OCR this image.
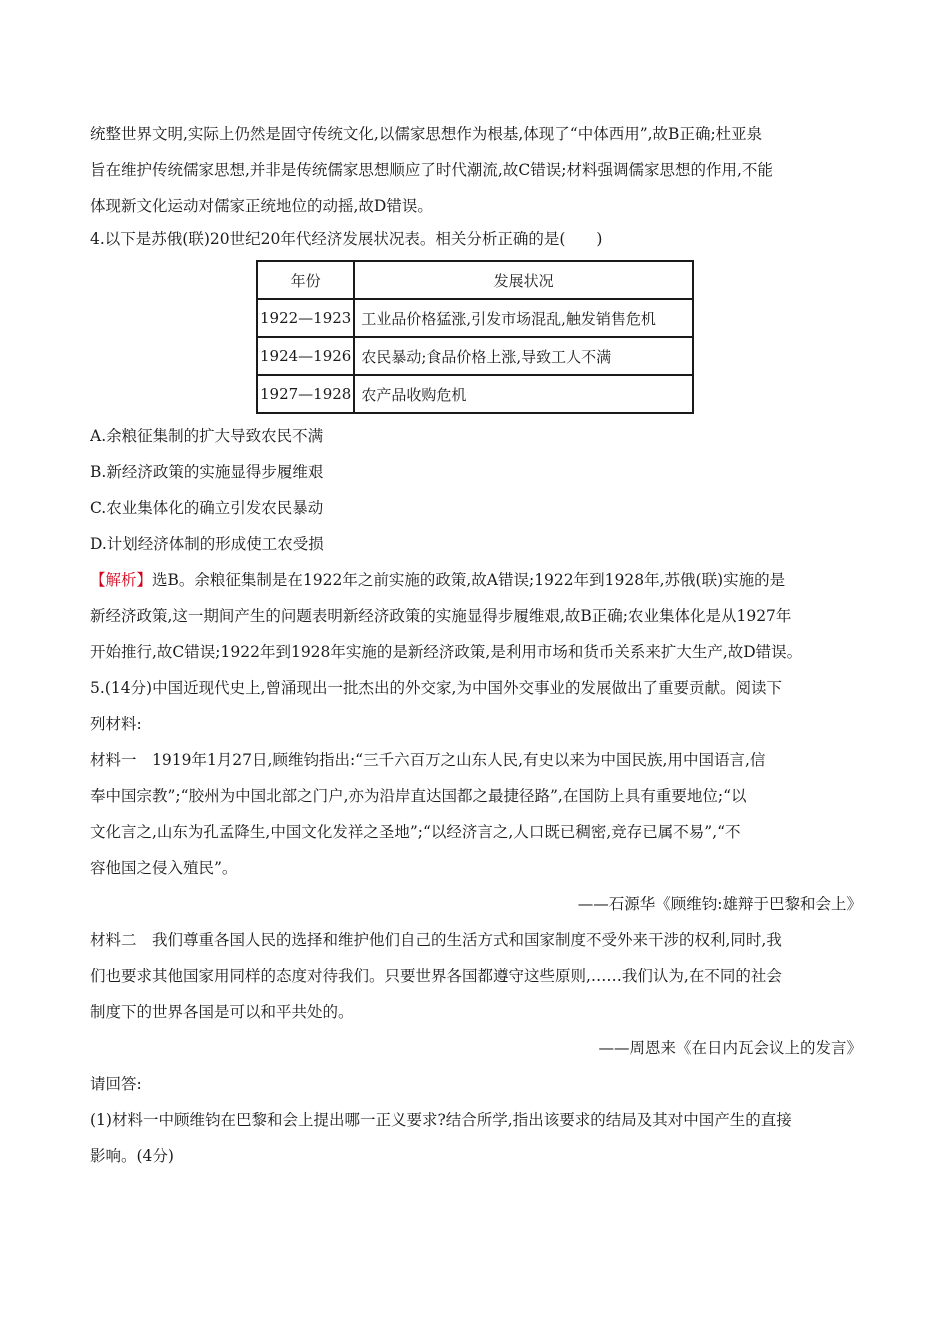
统整世界文明,实际上仍然是固守传统文化,以儒家思想作为根基,体现了“中体西用”,故B正确;杜亚泉
旨在维护传统儒家思想,并非是传统儒家思想顺应了时代潮流,故C错误;材料强调儒家思想的作用,不能
体现新文化运动对儒家正统地位的动摇,故D错误。
4.以下是苏俄(联)20世纪20年代经济发展状况表。相关分析正确的是(　　)
年份	发展状况
1922—1923	工业品价格猛涨,引发市场混乱,触发销售危机
1924—1926	农民暴动;食品价格上涨,导致工人不满
1927—1928	农产品收购危机
A.余粮征集制的扩大导致农民不满
B.新经济政策的实施显得步履维艰
C.农业集体化的确立引发农民暴动
D.计划经济体制的形成使工农受损
【解析】选B。余粮征集制是在1922年之前实施的政策,故A错误;1922年到1928年,苏俄(联)实施的是
新经济政策,这一期间产生的问题表明新经济政策的实施显得步履维艰,故B正确;农业集体化是从1927年
开始推行,故C错误;1922年到1928年实施的是新经济政策,是利用市场和货币关系来扩大生产,故D错误。
5.(14分)中国近现代史上,曾涌现出一批杰出的外交家,为中国外交事业的发展做出了重要贡献。阅读下
列材料:
材料一　1919年1月27日,顾维钧指出:“三千六百万之山东人民,有史以来为中国民族,用中国语言,信
奉中国宗教”;“胶州为中国北部之门户,亦为沿岸直达国都之最捷径路”,在国防上具有重要地位;“以
文化言之,山东为孔孟降生,中国文化发祥之圣地”;“以经济言之,人口既已稠密,竞存已属不易”,“不
容他国之侵入殖民”。
——石源华《顾维钧:雄辩于巴黎和会上》
材料二　我们尊重各国人民的选择和维护他们自己的生活方式和国家制度不受外来干涉的权利,同时,我
们也要求其他国家用同样的态度对待我们。只要世界各国都遵守这些原则,……我们认为,在不同的社会
制度下的世界各国是可以和平共处的。
——周恩来《在日内瓦会议上的发言》
请回答:
(1)材料一中顾维钧在巴黎和会上提出哪一正义要求?结合所学,指出该要求的结局及其对中国产生的直接
影响。(4分)
